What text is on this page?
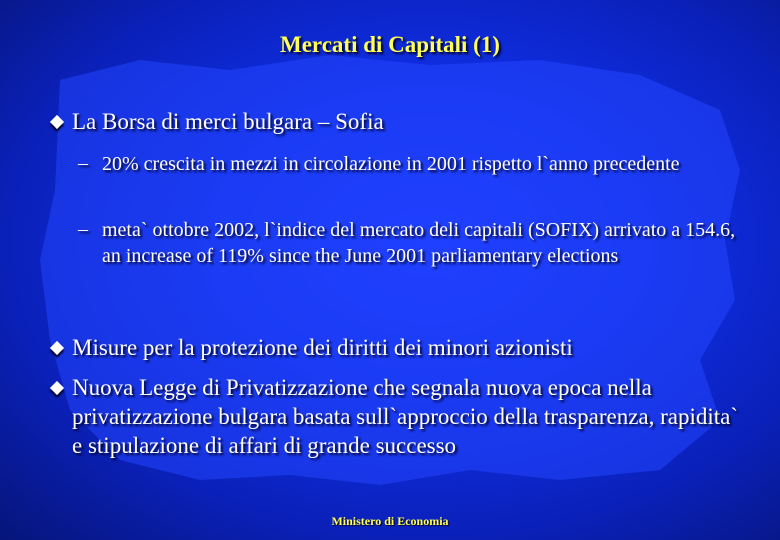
Mercati di Capitali (1)
La Borsa di merci bulgara – Sofia
– 20% crescita in mezzi in circolazione in 2001 rispetto l`anno precedente
– meta` ottobre 2002, l`indice del mercato deli capitali (SOFIX) arrivato a 154.6, an increase of 119% since the June 2001 parliamentary elections
Misure per la protezione dei diritti dei minori azionisti
Nuova Legge di Privatizzazione che segnala nuova epoca nella privatizzazione bulgara basata sull`approccio della trasparenza, rapidita` e stipulazione di affari di grande successo
Ministero di Economia
